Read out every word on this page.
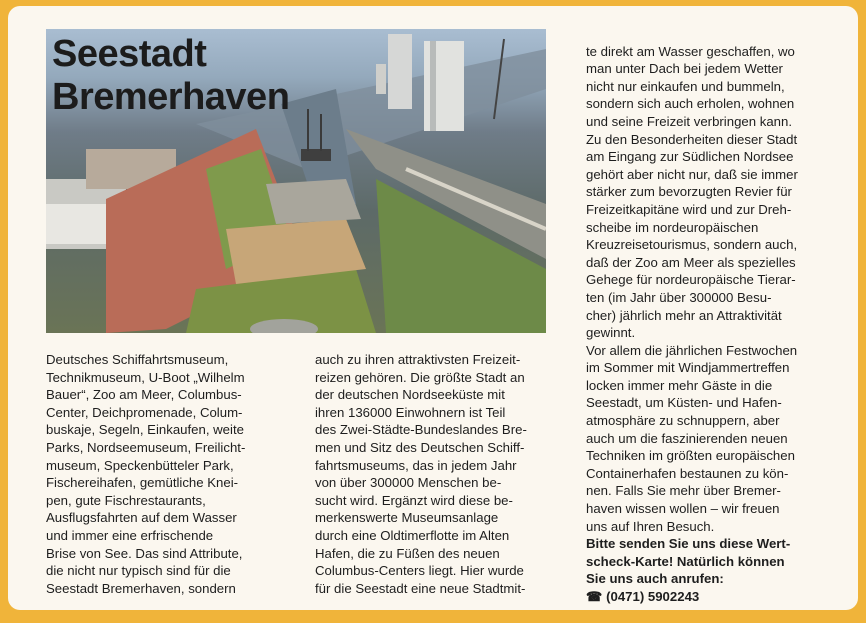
Seestadt
Bremerhaven
Deutsches Schiffahrtsmuseum,
Technikmuseum, U-Boot „Wilhelm
Bauer“, Zoo am Meer, Columbus-
Center, Deichpromenade, Colum-
buskaje, Segeln, Einkaufen, weite
Parks, Nordseemuseum, Freilicht-
museum, Speckenbütteler Park,
Fischereihafen, gemütliche Knei-
pen, gute Fischrestaurants,
Ausflugsfahrten auf dem Wasser
und immer eine erfrischende
Brise von See. Das sind Attribute,
die nicht nur typisch sind für die
Seestadt Bremerhaven, sondern
auch zu ihren attraktivsten Freizeit-
reizen gehören. Die größte Stadt an
der deutschen Nordseeküste mit
ihren 136000 Einwohnern ist Teil
des Zwei-Städte-Bundeslandes Bre-
men und Sitz des Deutschen Schiff-
fahrtsmuseums, das in jedem Jahr
von über 300000 Menschen be-
sucht wird. Ergänzt wird diese be-
merkenswerte Museumsanlage
durch eine Oldtimerflotte im Alten
Hafen, die zu Füßen des neuen
Columbus-Centers liegt. Hier wurde
für die Seestadt eine neue Stadtmit-

te direkt am Wasser geschaffen, wo
man unter Dach bei jedem Wetter
nicht nur einkaufen und bummeln,
sondern sich auch erholen, wohnen
und seine Freizeit verbringen kann.
Zu den Besonderheiten dieser Stadt
am Eingang zur Südlichen Nordsee
gehört aber nicht nur, daß sie immer
stärker zum bevorzugten Revier für
Freizeitkapitäne wird und zur Dreh-
scheibe im nordeuropäischen
Kreuzreisetourismus, sondern auch,
daß der Zoo am Meer als spezielles
Gehege für nordeuropäische Tierar-
ten (im Jahr über 300000 Besu-
cher) jährlich mehr an Attraktivität
gewinnt.
Vor allem die jährlichen Festwochen
im Sommer mit Windjammertreffen
locken immer mehr Gäste in die
Seestadt, um Küsten- und Hafen-
atmosphäre zu schnuppern, aber
auch um die faszinierenden neuen
Techniken im größten europäischen
Containerhafen bestaunen zu kön-
nen. Falls Sie mehr über Bremer-
haven wissen wollen – wir freuen
uns auf Ihren Besuch.
Bitte senden Sie uns diese Wert-
scheck-Karte! Natürlich können
Sie uns auch anrufen:

☎ (0471) 5902243
